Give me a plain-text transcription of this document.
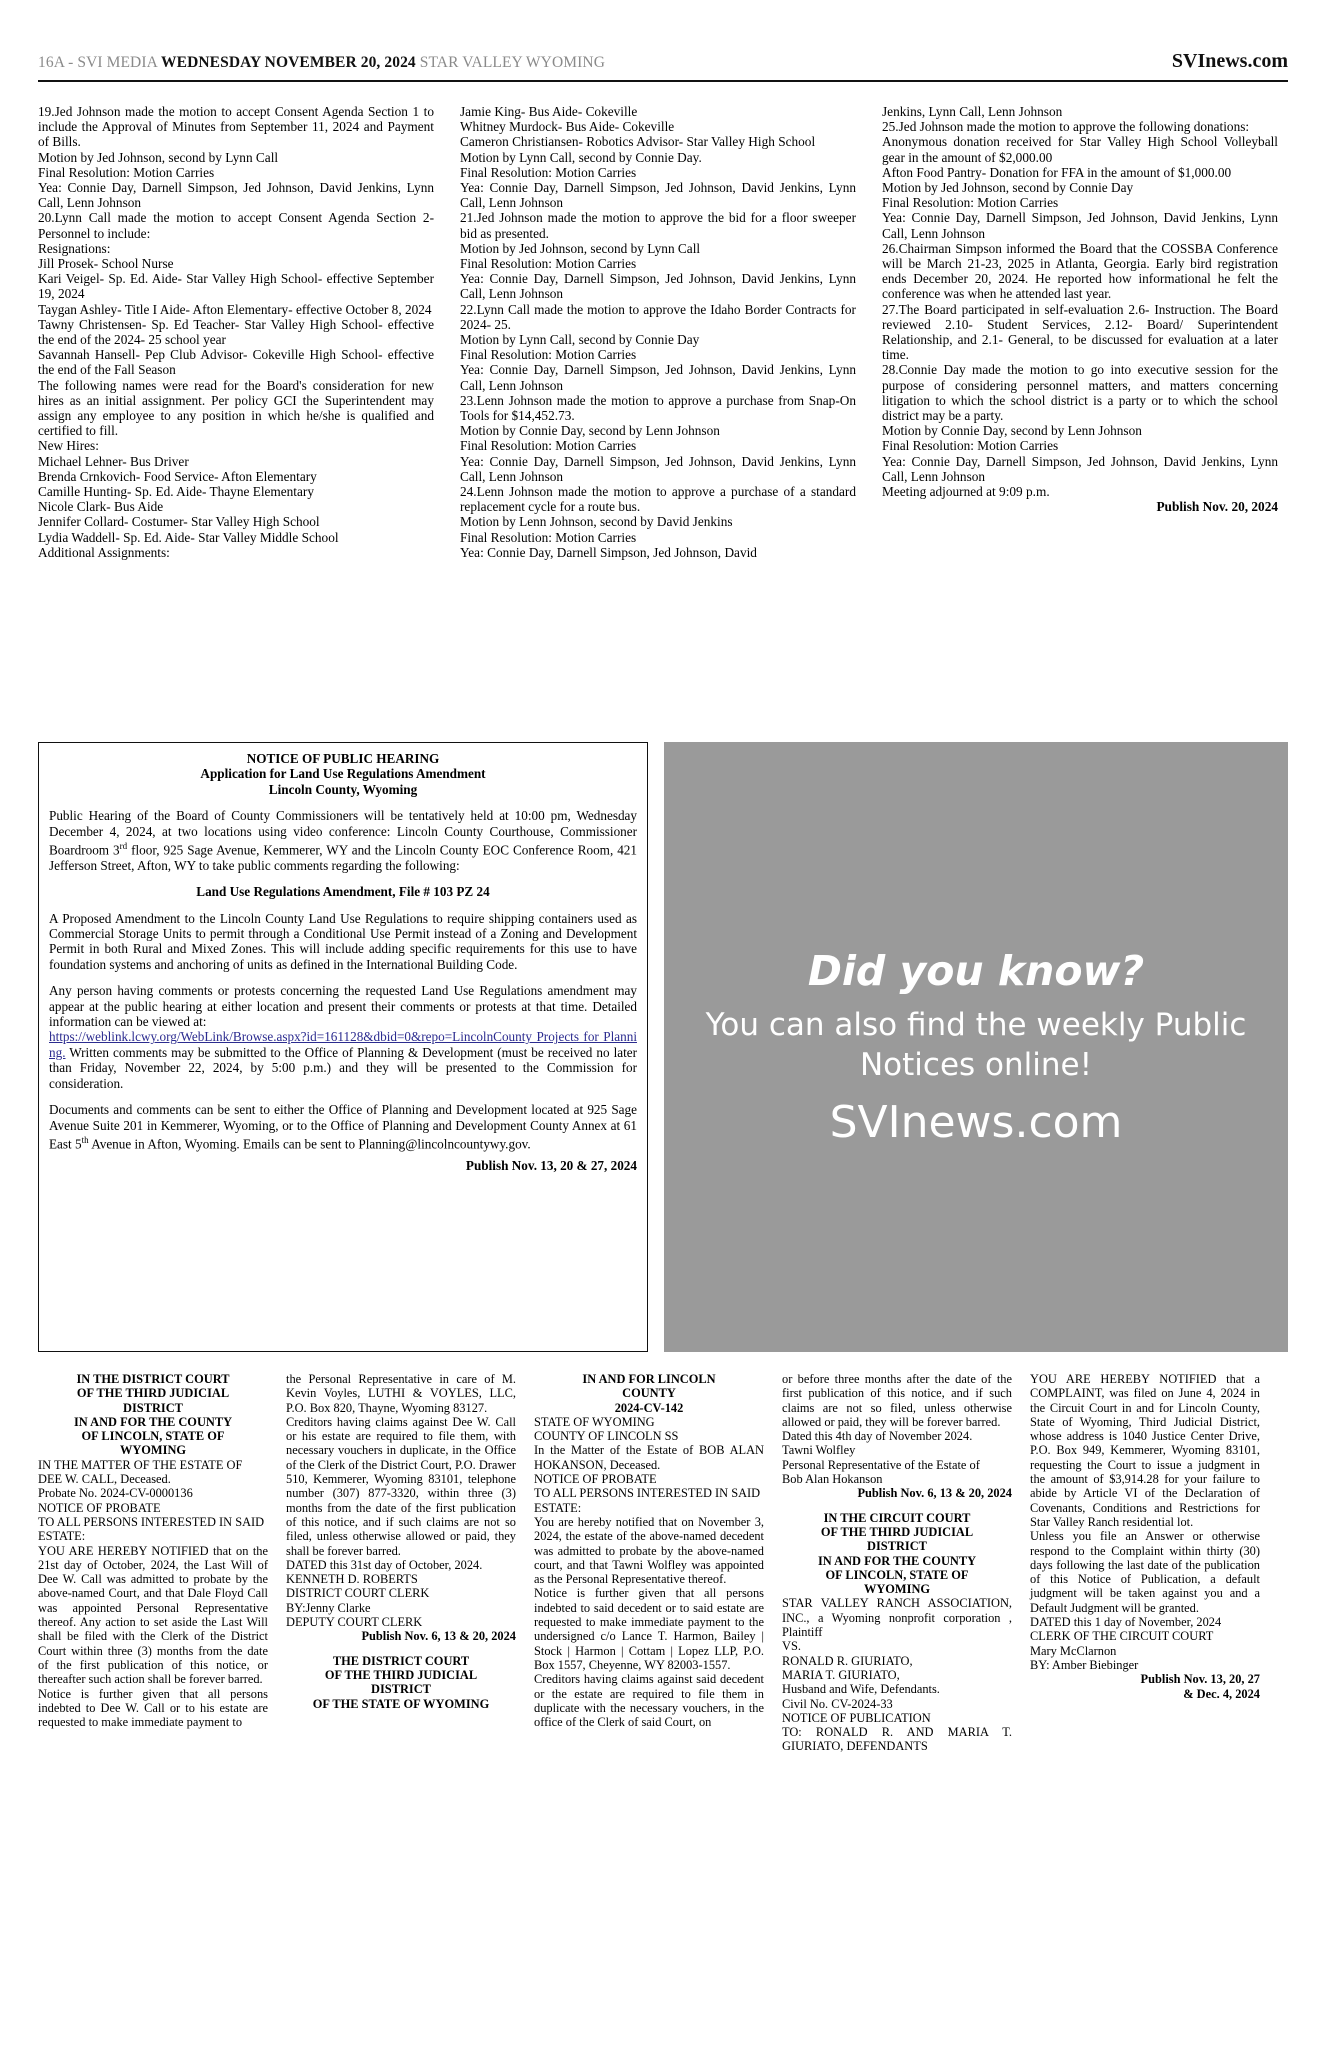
16A - SVI MEDIA WEDNESDAY NOVEMBER 20, 2024 STAR VALLEY WYOMING	SVInews.com

19.Jed Johnson made the motion to accept Consent Agenda Section 1 to include the Approval of Minutes from September 11, 2024 and Payment of Bills.

Motion by Jed Johnson, second by Lynn Call

Final Resolution: Motion Carries

Yea: Connie Day, Darnell Simpson, Jed Johnson, David Jenkins, Lynn Call, Lenn Johnson

20.Lynn Call made the motion to accept Consent Agenda Section 2- Personnel to include:

Resignations:

Jill Prosek- School Nurse

Kari Veigel- Sp. Ed. Aide- Star Valley High School- effective September 19, 2024

Taygan Ashley- Title I Aide- Afton Elementary- effective October 8, 2024

Tawny Christensen- Sp. Ed Teacher- Star Valley High School- effective the end of the 2024- 25 school year

Savannah Hansell- Pep Club Advisor- Cokeville High School- effective the end of the Fall Season

The following names were read for the Board's consideration for new hires as an initial assignment. Per policy GCI the Superintendent may assign any employee to any position in which he/she is qualified and certified to fill.

New Hires:

Michael Lehner- Bus Driver

Brenda Crnkovich- Food Service- Afton Elementary

Camille Hunting- Sp. Ed. Aide- Thayne Elementary

Nicole Clark- Bus Aide

Jennifer Collard- Costumer- Star Valley High School

Lydia Waddell- Sp. Ed. Aide- Star Valley Middle School

Additional Assignments:

Jamie King- Bus Aide- Cokeville

Whitney Murdock- Bus Aide- Cokeville

Cameron Christiansen- Robotics Advisor- Star Valley High School

Motion by Lynn Call, second by Connie Day.

Final Resolution: Motion Carries

Yea: Connie Day, Darnell Simpson, Jed Johnson, David Jenkins, Lynn Call, Lenn Johnson

21.Jed Johnson made the motion to approve the bid for a floor sweeper bid as presented.

Motion by Jed Johnson, second by Lynn Call

Final Resolution: Motion Carries

Yea: Connie Day, Darnell Simpson, Jed Johnson, David Jenkins, Lynn Call, Lenn Johnson

22.Lynn Call made the motion to approve the Idaho Border Contracts for 2024- 25.

Motion by Lynn Call, second by Connie Day

Final Resolution: Motion Carries

Yea: Connie Day, Darnell Simpson, Jed Johnson, David Jenkins, Lynn Call, Lenn Johnson

23.Lenn Johnson made the motion to approve a purchase from Snap-On Tools for $14,452.73.

Motion by Connie Day, second by Lenn Johnson

Final Resolution: Motion Carries

Yea: Connie Day, Darnell Simpson, Jed Johnson, David Jenkins, Lynn Call, Lenn Johnson

24.Lenn Johnson made the motion to approve a purchase of a standard replacement cycle for a route bus.

Motion by Lenn Johnson, second by David Jenkins

Final Resolution: Motion Carries

Yea: Connie Day, Darnell Simpson, Jed Johnson, David

Jenkins, Lynn Call, Lenn Johnson

25.Jed Johnson made the motion to approve the following donations:

Anonymous donation received for Star Valley High School Volleyball gear in the amount of $2,000.00

Afton Food Pantry- Donation for FFA in the amount of $1,000.00

Motion by Jed Johnson, second by Connie Day

Final Resolution: Motion Carries

Yea: Connie Day, Darnell Simpson, Jed Johnson, David Jenkins, Lynn Call, Lenn Johnson

26.Chairman Simpson informed the Board that the COSSBA Conference will be March 21-23, 2025 in Atlanta, Georgia. Early bird registration ends December 20, 2024. He reported how informational he felt the conference was when he attended last year.

27.The Board participated in self-evaluation 2.6- Instruction. The Board reviewed 2.10- Student Services, 2.12- Board/ Superintendent Relationship, and 2.1- General, to be discussed for evaluation at a later time.

28.Connie Day made the motion to go into executive session for the purpose of considering personnel matters, and matters concerning litigation to which the school district is a party or to which the school district may be a party.

Motion by Connie Day, second by Lenn Johnson

Final Resolution: Motion Carries

Yea: Connie Day, Darnell Simpson, Jed Johnson, David Jenkins, Lynn Call, Lenn Johnson

Meeting adjourned at 9:09 p.m.

Publish Nov. 20, 2024

NOTICE OF PUBLIC HEARING

Application for Land Use Regulations Amendment

Lincoln County, Wyoming

Public Hearing of the Board of County Commissioners will be tentatively held at 10:00 pm, Wednesday December 4, 2024, at two locations using video conference: Lincoln County Courthouse, Commissioner Boardroom 3rd floor, 925 Sage Avenue, Kemmerer, WY and the Lincoln County EOC Conference Room, 421 Jefferson Street, Afton, WY to take public comments regarding the following:

Land Use Regulations Amendment, File # 103 PZ 24

A Proposed Amendment to the Lincoln County Land Use Regulations to require shipping containers used as Commercial Storage Units to permit through a Conditional Use Permit instead of a Zoning and Development Permit in both Rural and Mixed Zones. This will include adding specific requirements for this use to have foundation systems and anchoring of units as defined in the International Building Code.

Any person having comments or protests concerning the requested Land Use Regulations amendment may appear at the public hearing at either location and present their comments or protests at that time. Detailed information can be viewed at:

https://weblink.lcwy.org/WebLink/Browse.aspx?id=161128&dbid=0&repo=LincolnCounty Projects for Planning. Written comments may be submitted to the Office of Planning & Development (must be received no later than Friday, November 22, 2024, by 5:00 p.m.) and they will be presented to the Commission for consideration.

Documents and comments can be sent to either the Office of Planning and Development located at 925 Sage Avenue Suite 201 in Kemmerer, Wyoming, or to the Office of Planning and Development County Annex at 61 East 5th Avenue in Afton, Wyoming. Emails can be sent to Planning@lincolncountywy.gov.

Publish Nov. 13, 20 & 27, 2024

Did you know?
You can also find the weekly Public Notices online!
SVInews.com

IN THE DISTRICT COURT

OF THE THIRD JUDICIAL

DISTRICT

IN AND FOR THE COUNTY

OF LINCOLN, STATE OF

WYOMING

IN THE MATTER OF THE ESTATE OF DEE W. CALL, Deceased.

Probate No. 2024-CV-0000136

NOTICE OF PROBATE

TO ALL PERSONS INTERESTED IN SAID ESTATE:

YOU ARE HEREBY NOTIFIED that on the 21st day of October, 2024, the Last Will of Dee W. Call was admitted to probate by the above-named Court, and that Dale Floyd Call was appointed Personal Representative thereof. Any action to set aside the Last Will shall be filed with the Clerk of the District Court within three (3) months from the date of the first publication of this notice, or thereafter such action shall be forever barred.

Notice is further given that all persons indebted to Dee W. Call or to his estate are requested to make immediate payment to

the Personal Representative in care of M. Kevin Voyles, LUTHI & VOYLES, LLC, P.O. Box 820, Thayne, Wyoming 83127.

Creditors having claims against Dee W. Call or his estate are required to file them, with necessary vouchers in duplicate, in the Office of the Clerk of the District Court, P.O. Drawer 510, Kemmerer, Wyoming 83101, telephone number (307) 877-3320, within three (3) months from the date of the first publication of this notice, and if such claims are not so filed, unless otherwise allowed or paid, they shall be forever barred.

DATED this 31st day of October, 2024.

KENNETH D. ROBERTS

DISTRICT COURT CLERK

BY:Jenny Clarke

DEPUTY COURT CLERK

Publish Nov. 6, 13 & 20, 2024

THE DISTRICT COURT

OF THE THIRD JUDICIAL

DISTRICT

OF THE STATE OF WYOMING

IN AND FOR LINCOLN

COUNTY

2024-CV-142

STATE OF WYOMING

COUNTY OF LINCOLN SS

In the Matter of the Estate of BOB ALAN HOKANSON, Deceased.

NOTICE OF PROBATE

TO ALL PERSONS INTERESTED IN SAID ESTATE:

You are hereby notified that on November 3, 2024, the estate of the above-named decedent was admitted to probate by the above-named court, and that Tawni Wolfley was appointed as the Personal Representative thereof.

Notice is further given that all persons indebted to said decedent or to said estate are requested to make immediate payment to the undersigned c/o Lance T. Harmon, Bailey | Stock | Harmon | Cottam | Lopez LLP, P.O. Box 1557, Cheyenne, WY 82003-1557.

Creditors having claims against said decedent or the estate are required to file them in duplicate with the necessary vouchers, in the office of the Clerk of said Court, on

or before three months after the date of the first publication of this notice, and if such claims are not so filed, unless otherwise allowed or paid, they will be forever barred.

Dated this 4th day of November 2024.

Tawni Wolfley

Personal Representative of the Estate of

Bob Alan Hokanson

Publish Nov. 6, 13 & 20, 2024

IN THE CIRCUIT COURT

OF THE THIRD JUDICIAL

DISTRICT

IN AND FOR THE COUNTY

OF LINCOLN, STATE OF

WYOMING

STAR VALLEY RANCH ASSOCIATION, INC., a Wyoming nonprofit corporation , Plaintiff

VS.

RONALD R. GIURIATO,

MARIA T. GIURIATO,

Husband and Wife, Defendants.

Civil No. CV-2024-33

NOTICE OF PUBLICATION

TO: RONALD R. AND MARIA T. GIURIATO, DEFENDANTS

YOU ARE HEREBY NOTIFIED that a COMPLAINT, was filed on June 4, 2024 in the Circuit Court in and for Lincoln County, State of Wyoming, Third Judicial District, whose address is 1040 Justice Center Drive, P.O. Box 949, Kemmerer, Wyoming 83101, requesting the Court to issue a judgment in the amount of $3,914.28 for your failure to abide by Article VI of the Declaration of Covenants, Conditions and Restrictions for Star Valley Ranch residential lot.

Unless you file an Answer or otherwise respond to the Complaint within thirty (30) days following the last date of the publication of this Notice of Publication, a default judgment will be taken against you and a Default Judgment will be granted.

DATED this 1 day of November, 2024

CLERK OF THE CIRCUIT COURT

Mary McClarnon

BY: Amber Biebinger

Publish Nov. 13, 20, 27

& Dec. 4, 2024
